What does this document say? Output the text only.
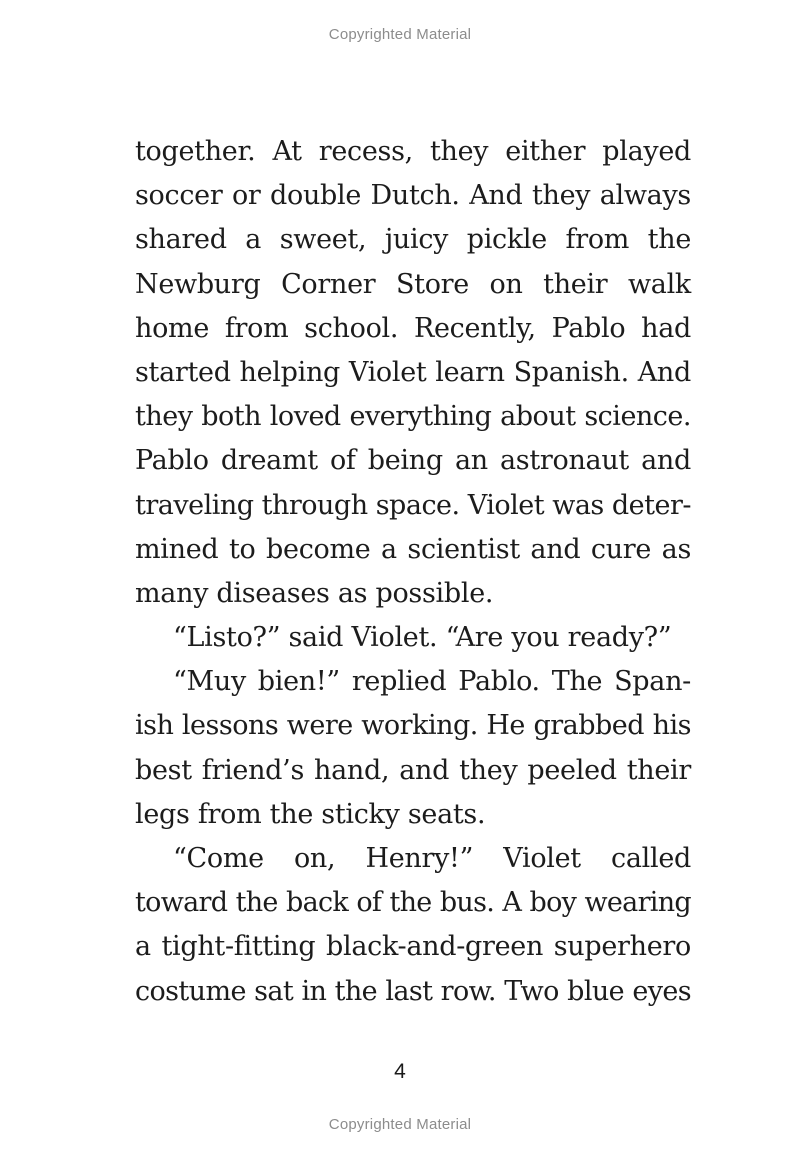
Copyrighted Material
together. At recess, they either played
soccer or double Dutch. And they always
shared a sweet, juicy pickle from the
Newburg Corner Store on their walk
home from school. Recently, Pablo had
started helping Violet learn Spanish. And
they both loved everything about science.
Pablo dreamt of being an astronaut and
traveling through space. Violet was deter-
mined to become a scientist and cure as
many diseases as possible.
“Listo?” said Violet. “Are you ready?”
“Muy bien!” replied Pablo. The Span-
ish lessons were working. He grabbed his
best friend’s hand, and they peeled their
legs from the sticky seats.
“Come on, Henry!” Violet called
toward the back of the bus. A boy wearing
a tight-fitting black-and-green superhero
costume sat in the last row. Two blue eyes
4
Copyrighted Material
